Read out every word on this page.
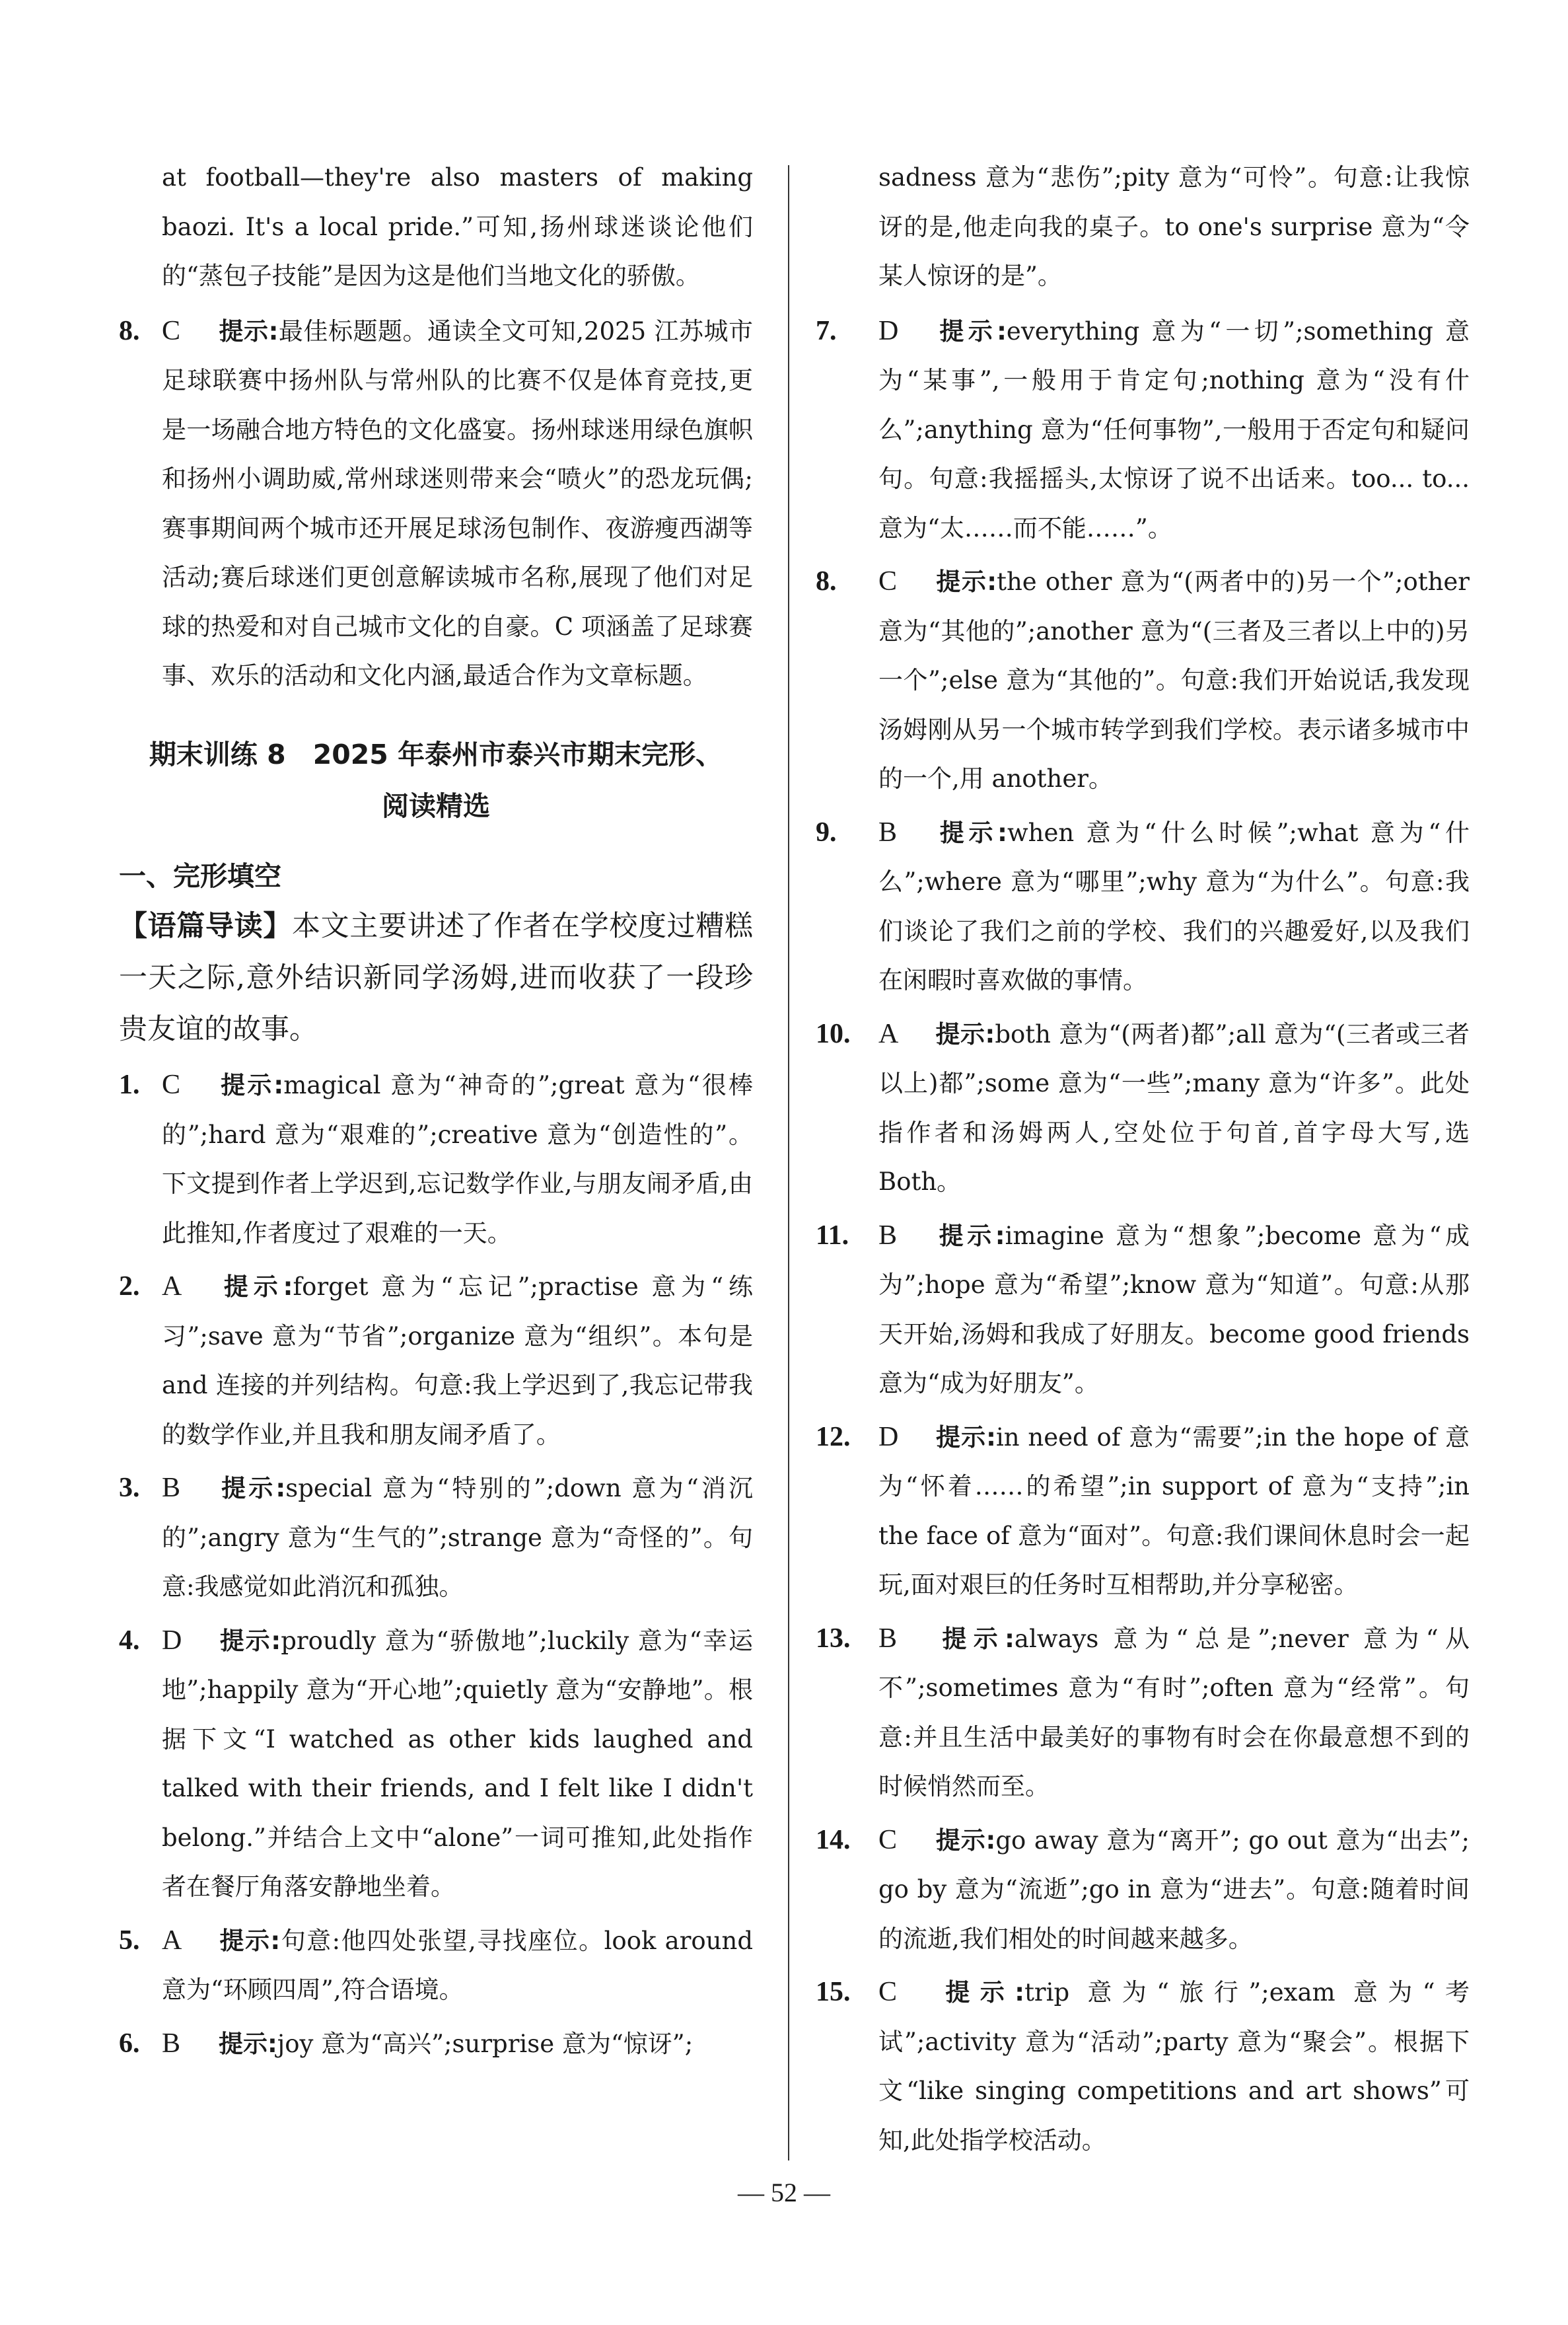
at football—they're also masters of making baozi. It's a local pride.”可知,扬州球迷谈论他们的“蒸包子技能”是因为这是他们当地文化的骄傲。

8. C 提示:最佳标题题。通读全文可知,2025 江苏城市足球联赛中扬州队与常州队的比赛不仅是体育竞技,更是一场融合地方特色的文化盛宴。扬州球迷用绿色旗帜和扬州小调助威,常州球迷则带来会“喷火”的恐龙玩偶;赛事期间两个城市还开展足球汤包制作、夜游瘦西湖等活动;赛后球迷们更创意解读城市名称,展现了他们对足球的热爱和对自己城市文化的自豪。C 项涵盖了足球赛事、欢乐的活动和文化内涵,最适合作为文章标题。
期末训练 8　2025 年泰州市泰兴市期末完形、
阅读精选
一、完形填空

【语篇导读】本文主要讲述了作者在学校度过糟糕一天之际,意外结识新同学汤姆,进而收获了一段珍贵友谊的故事。

1. C 提示:magical 意为“神奇的”;great 意为“很棒的”;hard 意为“艰难的”;creative 意为“创造性的”。下文提到作者上学迟到,忘记数学作业,与朋友闹矛盾,由此推知,作者度过了艰难的一天。
2. A 提示:forget 意为“忘记”;practise 意为“练习”;save 意为“节省”;organize 意为“组织”。本句是 and 连接的并列结构。句意:我上学迟到了,我忘记带我的数学作业,并且我和朋友闹矛盾了。
3. B 提示:special 意为“特别的”;down 意为“消沉的”;angry 意为“生气的”;strange 意为“奇怪的”。句意:我感觉如此消沉和孤独。
4. D 提示:proudly 意为“骄傲地”;luckily 意为“幸运地”;happily 意为“开心地”;quietly 意为“安静地”。根据下文“I watched as other kids laughed and talked with their friends, and I felt like I didn't belong.”并结合上文中“alone”一词可推知,此处指作者在餐厅角落安静地坐着。
5. A 提示:句意:他四处张望,寻找座位。look around 意为“环顾四周”,符合语境。
6. B 提示:joy 意为“高兴”;surprise 意为“惊讶”;

sadness 意为“悲伤”;pity 意为“可怜”。句意:让我惊讶的是,他走向我的桌子。to one's surprise 意为“令某人惊讶的是”。

7. D 提示:everything 意为“一切”;something 意为“某事”,一般用于肯定句;nothing 意为“没有什么”;anything 意为“任何事物”,一般用于否定句和疑问句。句意:我摇摇头,太惊讶了说不出话来。too... to... 意为“太……而不能……”。
8. C 提示:the other 意为“(两者中的)另一个”;other 意为“其他的”;another 意为“(三者及三者以上中的)另一个”;else 意为“其他的”。句意:我们开始说话,我发现汤姆刚从另一个城市转学到我们学校。表示诸多城市中的一个,用 another。
9. B 提示:when 意为“什么时候”;what 意为“什么”;where 意为“哪里”;why 意为“为什么”。句意:我们谈论了我们之前的学校、我们的兴趣爱好,以及我们在闲暇时喜欢做的事情。
10. A 提示:both 意为“(两者)都”;all 意为“(三者或三者以上)都”;some 意为“一些”;many 意为“许多”。此处指作者和汤姆两人,空处位于句首,首字母大写,选 Both。
11. B 提示:imagine 意为“想象”;become 意为“成为”;hope 意为“希望”;know 意为“知道”。句意:从那天开始,汤姆和我成了好朋友。become good friends 意为“成为好朋友”。
12. D 提示:in need of 意为“需要”;in the hope of 意为“怀着……的希望”;in support of 意为“支持”;in the face of 意为“面对”。句意:我们课间休息时会一起玩,面对艰巨的任务时互相帮助,并分享秘密。
13. B 提示:always 意为“总是”;never 意为“从不”;sometimes 意为“有时”;often 意为“经常”。句意:并且生活中最美好的事物有时会在你最意想不到的时候悄然而至。
14. C 提示:go away 意为“离开”; go out 意为“出去”; go by 意为“流逝”;go in 意为“进去”。句意:随着时间的流逝,我们相处的时间越来越多。
15. C 提示:trip 意为“旅行”;exam 意为“考试”;activity 意为“活动”;party 意为“聚会”。根据下文“like singing competitions and art shows”可知,此处指学校活动。
— 52 —
